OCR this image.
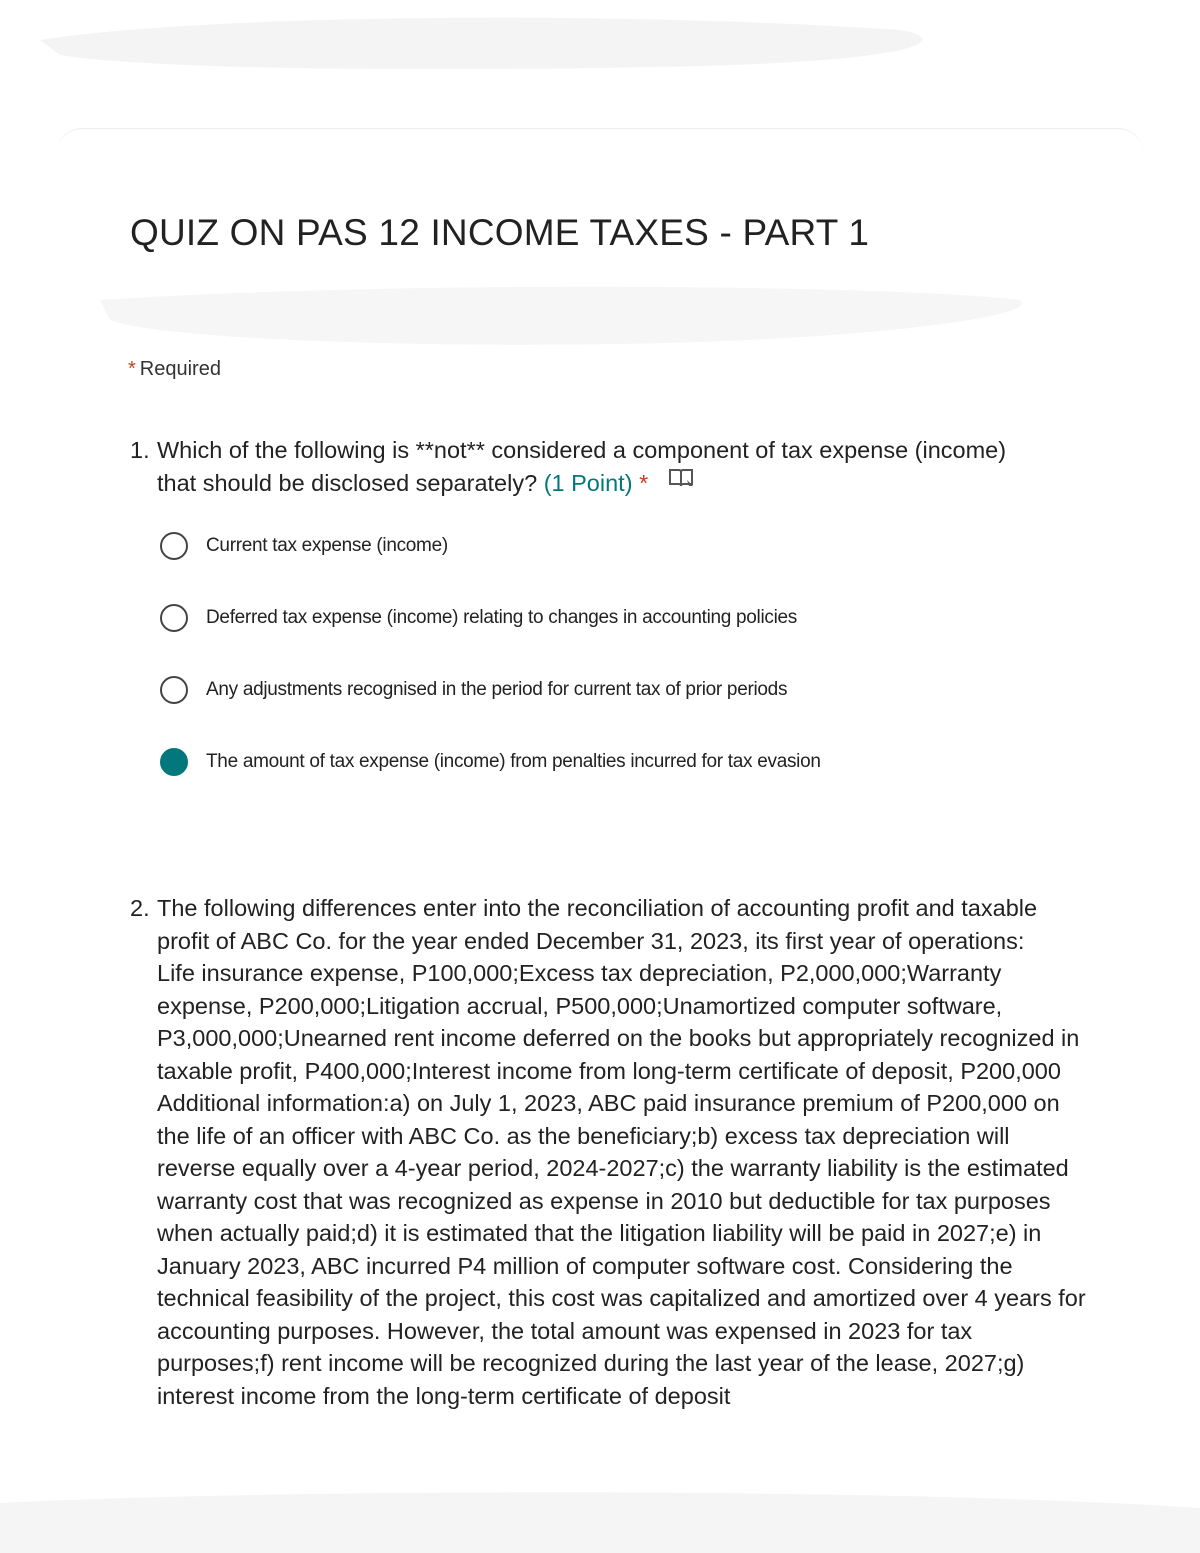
QUIZ ON PAS 12 INCOME TAXES - PART 1
* Required
1. Which of the following is **not** considered a component of tax expense (income)
that should be disclosed separately? (1 Point) *
Current tax expense (income)
Deferred tax expense (income) relating to changes in accounting policies
Any adjustments recognised in the period for current tax of prior periods
The amount of tax expense (income) from penalties incurred for tax evasion
2. The following differences enter into the reconciliation of accounting profit and taxable profit of ABC Co. for the year ended December 31, 2023, its first year of operations:
Life insurance expense, P100,000;Excess tax depreciation, P2,000,000;Warranty expense, P200,000;Litigation accrual, P500,000;Unamortized computer software, P3,000,000;Unearned rent income deferred on the books but appropriately recognized in taxable profit, P400,000;Interest income from long-term certificate of deposit, P200,000
Additional information:a) on July 1, 2023, ABC paid insurance premium of P200,000 on the life of an officer with ABC Co. as the beneficiary;b) excess tax depreciation will reverse equally over a 4-year period, 2024-2027;c) the warranty liability is the estimated warranty cost that was recognized as expense in 2010 but deductible for tax purposes when actually paid;d) it is estimated that the litigation liability will be paid in 2027;e) in January 2023, ABC incurred P4 million of computer software cost. Considering the technical feasibility of the project, this cost was capitalized and amortized over 4 years for accounting purposes. However, the total amount was expensed in 2023 for tax purposes;f) rent income will be recognized during the last year of the lease, 2027;g) interest income from the long-term certificate of deposit
